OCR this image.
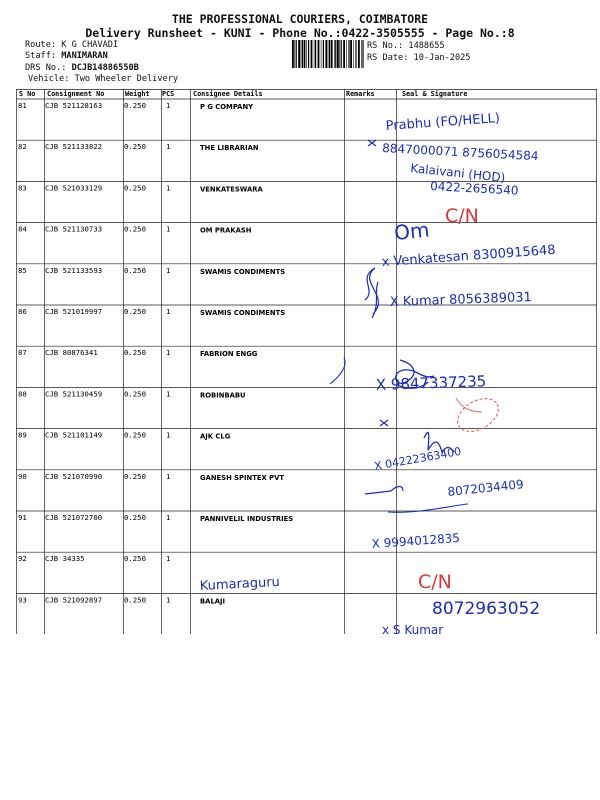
THE PROFESSIONAL COURIERS, COIMBATORE
Delivery Runsheet - KUNI - Phone No.:0422-3505555 - Page No.:8
Route: K G CHAVADI
Staff: MANIMARAN
DRS No.: DCJB14886550B
Vehicle: Two Wheeler Delivery
RS No.: 1488655
RS Date: 10-Jan-2025
S No Consignment No	Weight PCS	Consignee Details	Remarks	Seal & Signature
81 CJB 521128163	0.250	1	P G COMPANY
82 CJB 521133822	0.250	1	THE LIBRARIAN
83 CJB 521033129	0.250	1	VENKATESWARA
84 CJB 521130733	0.250	1	OM PRAKASH
85 CJB 521133593	0.250	1	SWAMIS CONDIMENTS
86 CJB 521019997	0.250	1	SWAMIS CONDIMENTS
87 CJB 80876341	0.250	1	FABRION ENGG
88 CJB 521130459	0.250	1	ROBINBABU
89 CJB 521101149	0.250	1	AJK CLG
90 CJB 521070990	0.250	1	GANESH SPINTEX PVT
91 CJB 521072700	0.250	1	PANNIVELIL INDUSTRIES
92 CJB 34335	0.250	1
93 CJB 521092897	0.250	1	BALAJI
Prabhu (FO/HELL)
8847000071 8756054584
Kalaivani (HOD)
0422-2656540
C/N
Om
x Venkatesan 8300915648
X Kumar 8056389031
X 9847337235
X 04222363400
8072034409
X 9994012835
Kumaraguru	C/N
8072963052
x S Kumar
